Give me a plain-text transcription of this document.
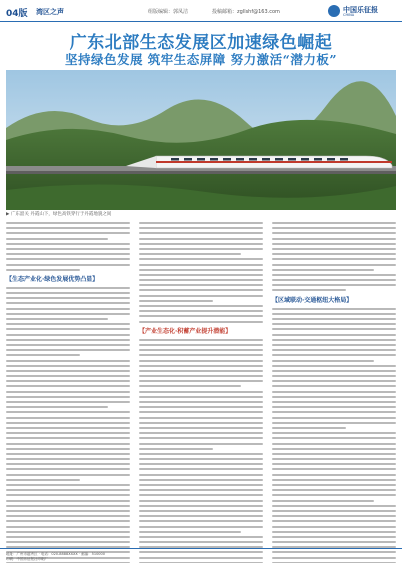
04版 湾区之声	组版编辑：郭凤洁	投稿邮箱：zgllshf@163.com	中国乐征报
CHINA
广东北部生态发展区加速绿色崛起
坚持绿色发展 筑牢生态屏障 努力激活“潜力板”
▶ 广东韶关 丹霞山下，绿色高铁穿行于丹霞地貌之间
【生态产业化·绿色发展优势凸显】
【产业生态化·积蓄产业提升潜能】
【区域联动·交通枢纽大格局】
地址：广州市越秀区 · 电话：020-8888XXXX · 邮编：510000
印刷：中国乐征报社印刷厂
